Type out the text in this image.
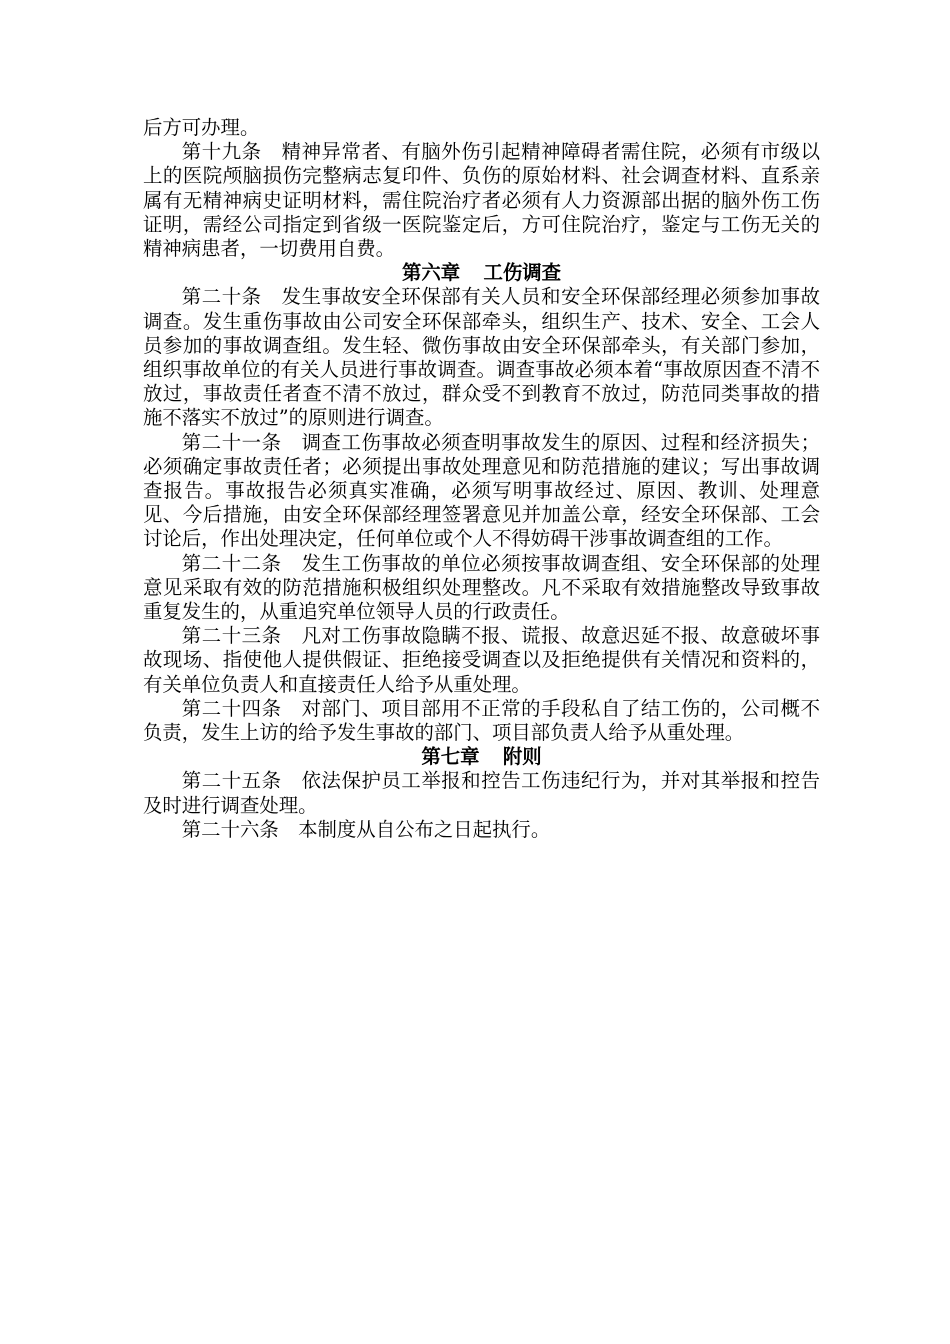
后方可办理。

第十九条　精神异常者、有脑外伤引起精神障碍者需住院，必须有市级以上的医院颅脑损伤完整病志复印件、负伤的原始材料、社会调查材料、直系亲属有无精神病史证明材料，需住院治疗者必须有人力资源部出据的脑外伤工伤证明，需经公司指定到省级一医院鉴定后，方可住院治疗，鉴定与工伤无关的精神病患者，一切费用自费。

第六章 工伤调查

第二十条　发生事故安全环保部有关人员和安全环保部经理必须参加事故调查。发生重伤事故由公司安全环保部牵头，组织生产、技术、安全、工会人员参加的事故调查组。发生轻、微伤事故由安全环保部牵头，有关部门参加，组织事故单位的有关人员进行事故调查。调查事故必须本着“事故原因查不清不放过，事故责任者查不清不放过，群众受不到教育不放过，防范同类事故的措施不落实不放过”的原则进行调查。

第二十一条　调查工伤事故必须查明事故发生的原因、过程和经济损失；必须确定事故责任者；必须提出事故处理意见和防范措施的建议；写出事故调查报告。事故报告必须真实准确，必须写明事故经过、原因、教训、处理意见、今后措施，由安全环保部经理签署意见并加盖公章，经安全环保部、工会讨论后，作出处理决定，任何单位或个人不得妨碍干涉事故调查组的工作。

第二十二条　发生工伤事故的单位必须按事故调查组、安全环保部的处理意见采取有效的防范措施积极组织处理整改。凡不采取有效措施整改导致事故重复发生的，从重追究单位领导人员的行政责任。

第二十三条　凡对工伤事故隐瞒不报、谎报、故意迟延不报、故意破坏事故现场、指使他人提供假证、拒绝接受调查以及拒绝提供有关情况和资料的，有关单位负责人和直接责任人给予从重处理。

第二十四条　对部门、项目部用不正常的手段私自了结工伤的，公司概不负责，发生上访的给予发生事故的部门、项目部负责人给予从重处理。

第七章 附则

第二十五条　依法保护员工举报和控告工伤违纪行为，并对其举报和控告及时进行调查处理。

第二十六条　本制度从自公布之日起执行。
